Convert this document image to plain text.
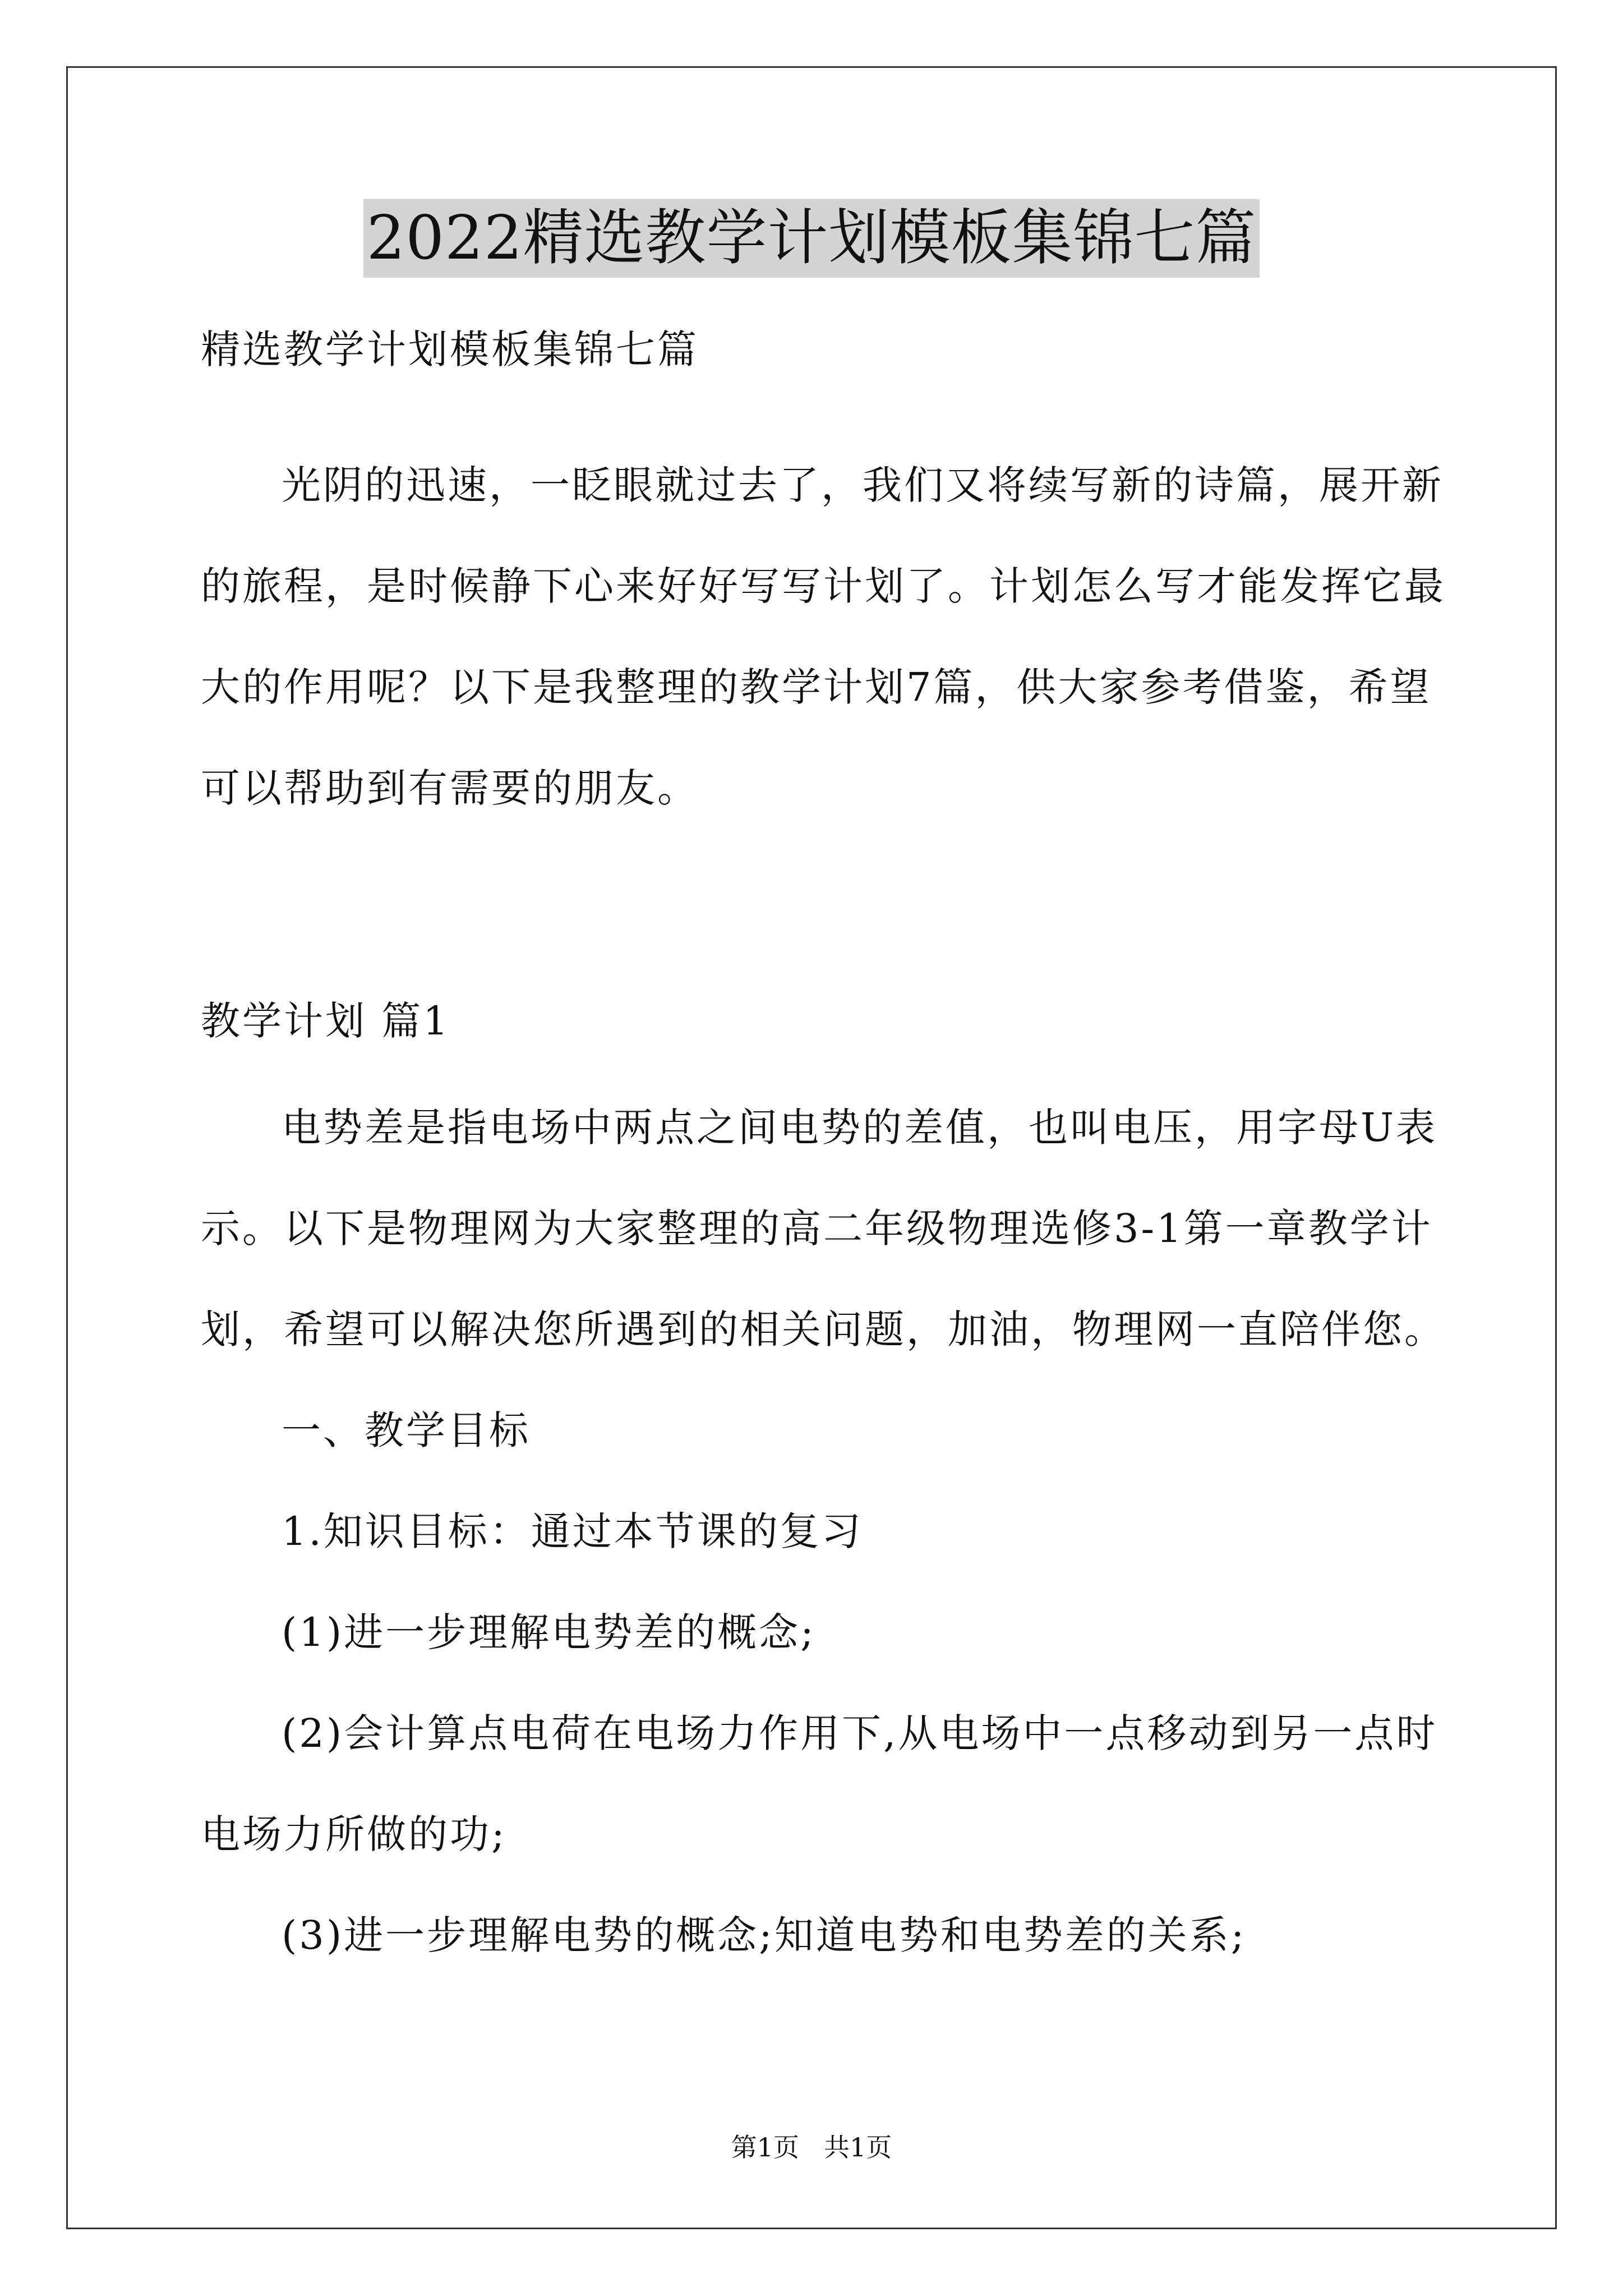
2022精选教学计划模板集锦七篇
精选教学计划模板集锦七篇
光阴的迅速，一眨眼就过去了，我们又将续写新的诗篇，展开新
的旅程，是时候静下心来好好写写计划了。计划怎么写才能发挥它最
大的作用呢？以下是我整理的教学计划7篇，供大家参考借鉴，希望
可以帮助到有需要的朋友。
教学计划 篇1
电势差是指电场中两点之间电势的差值，也叫电压，用字母U表
示。以下是物理网为大家整理的高二年级物理选修3-1第一章教学计
划，希望可以解决您所遇到的相关问题，加油，物理网一直陪伴您。
一、教学目标
1.知识目标：通过本节课的复习
(1)进一步理解电势差的概念;
(2)会计算点电荷在电场力作用下,从电场中一点移动到另一点时
电场力所做的功;
(3)进一步理解电势的概念;知道电势和电势差的关系;
第1页 共1页
